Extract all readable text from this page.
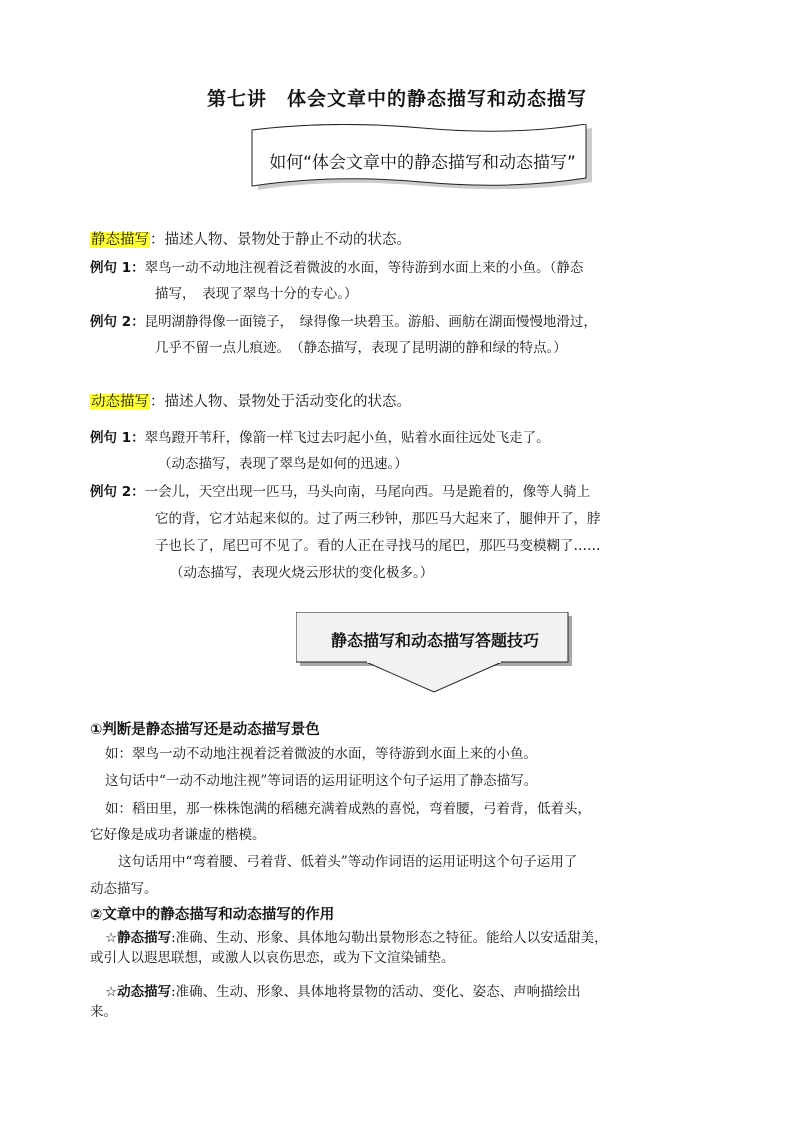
第七讲　体会文章中的静态描写和动态描写
如何“体会文章中的静态描写和动态描写”
静态描写：描述人物、景物处于静止不动的状态。
例句 1：翠鸟一动不动地注视着泛着微波的水面，等待游到水面上来的小鱼。（静态
描写，　表现了翠鸟十分的专心。）
例句 2：昆明湖静得像一面镜子，　绿得像一块碧玉。游船、画舫在湖面慢慢地滑过，
几乎不留一点儿痕迹。　（静态描写，表现了昆明湖的静和绿的特点。）
动态描写：描述人物、景物处于活动变化的状态。
例句 1：翠鸟蹬开苇秆，像箭一样飞过去叼起小鱼，贴着水面往远处飞走了。
（动态描写，表现了翠鸟是如何的迅速。）
例句 2：一会儿，天空出现一匹马，马头向南，马尾向西。马是跪着的，像等人骑上
它的背，它才站起来似的。过了两三秒钟，那匹马大起来了，腿伸开了，脖
子也长了，尾巴可不见了。看的人正在寻找马的尾巴，那匹马变模糊了……
（动态描写，表现火烧云形状的变化极多。）
静态描写和动态描写答题技巧
①判断是静态描写还是动态描写景色
如：翠鸟一动不动地注视着泛着微波的水面，等待游到水面上来的小鱼。
这句话中“一动不动地注视”等词语的运用证明这个句子运用了静态描写。
如：稻田里，那一株株饱满的稻穗充满着成熟的喜悦，弯着腰，弓着背，低着头，
它好像是成功者谦虚的楷模。
这句话用中“弯着腰、弓着背、低着头”等动作词语的运用证明这个句子运用了
动态描写。
②文章中的静态描写和动态描写的作用
☆静态描写:准确、生动、形象、具体地勾勒出景物形态之特征。能给人以安适甜美，
或引人以遐思联想，或激人以哀伤思恋，或为下文渲染铺垫。
☆动态描写:准确、生动、形象、具体地将景物的活动、变化、姿态、声响描绘出
来。
